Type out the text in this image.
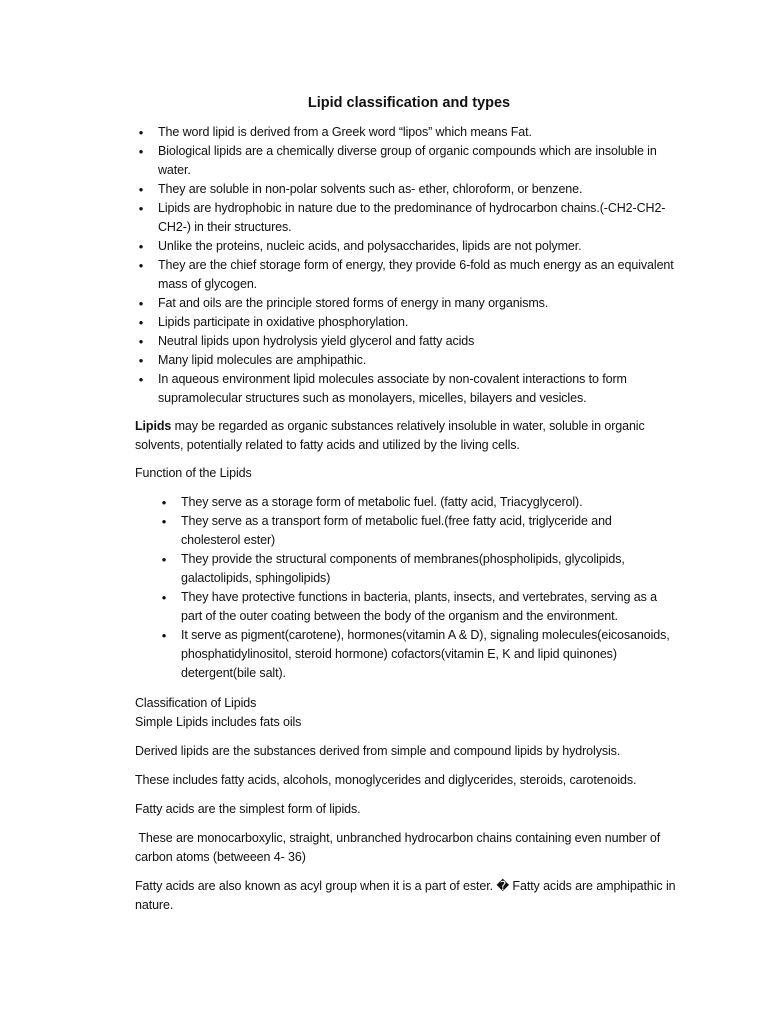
Lipid classification and types
•
The word lipid is derived from a Greek word “lipos” which means Fat.
•
Biological lipids are a chemically diverse group of organic compounds which are insoluble in water.
•
They are soluble in non-polar solvents such as- ether, chloroform, or benzene.
•
Lipids are hydrophobic in nature due to the predominance of hydrocarbon chains.(-CH2-CH2-CH2-) in their structures.
•
Unlike the proteins, nucleic acids, and polysaccharides, lipids are not polymer.
•
They are the chief storage form of energy, they provide 6-fold as much energy as an equivalent mass of glycogen.
•
Fat and oils are the principle stored forms of energy in many organisms.
•
Lipids participate in oxidative phosphorylation.
•
Neutral lipids upon hydrolysis yield glycerol and fatty acids
•
Many lipid molecules are amphipathic.
•
In aqueous environment lipid molecules associate by non-covalent interactions to form supramolecular structures such as monolayers, micelles, bilayers and vesicles.

Lipids may be regarded as organic substances relatively insoluble in water, soluble in organic solvents, potentially related to fatty acids and utilized by the living cells.

Function of the Lipids

•
They serve as a storage form of metabolic fuel. (fatty acid, Triacyglycerol).
•
They serve as a transport form of metabolic fuel.(free fatty acid, triglyceride and cholesterol ester)
•
They provide the structural components of membranes(phospholipids, glycolipids, galactolipids, sphingolipids)
•
They have protective functions in bacteria, plants, insects, and vertebrates, serving as a part of the outer coating between the body of the organism and the environment.
•
It serve as pigment(carotene), hormones(vitamin A & D), signaling molecules(eicosanoids, phosphatidylinositol, steroid hormone) cofactors(vitamin E, K and lipid quinones) detergent(bile salt).

Classification of Lipids

Simple Lipids includes fats oils

Derived lipids are the substances derived from simple and compound lipids by hydrolysis.

These includes fatty acids, alcohols, monoglycerides and diglycerides, steroids, carotenoids.

Fatty acids are the simplest form of lipids.

These are monocarboxylic, straight, unbranched hydrocarbon chains containing even number of carbon atoms (betweeen 4- 36)

Fatty acids are also known as acyl group when it is a part of ester. � Fatty acids are amphipathic in nature.
